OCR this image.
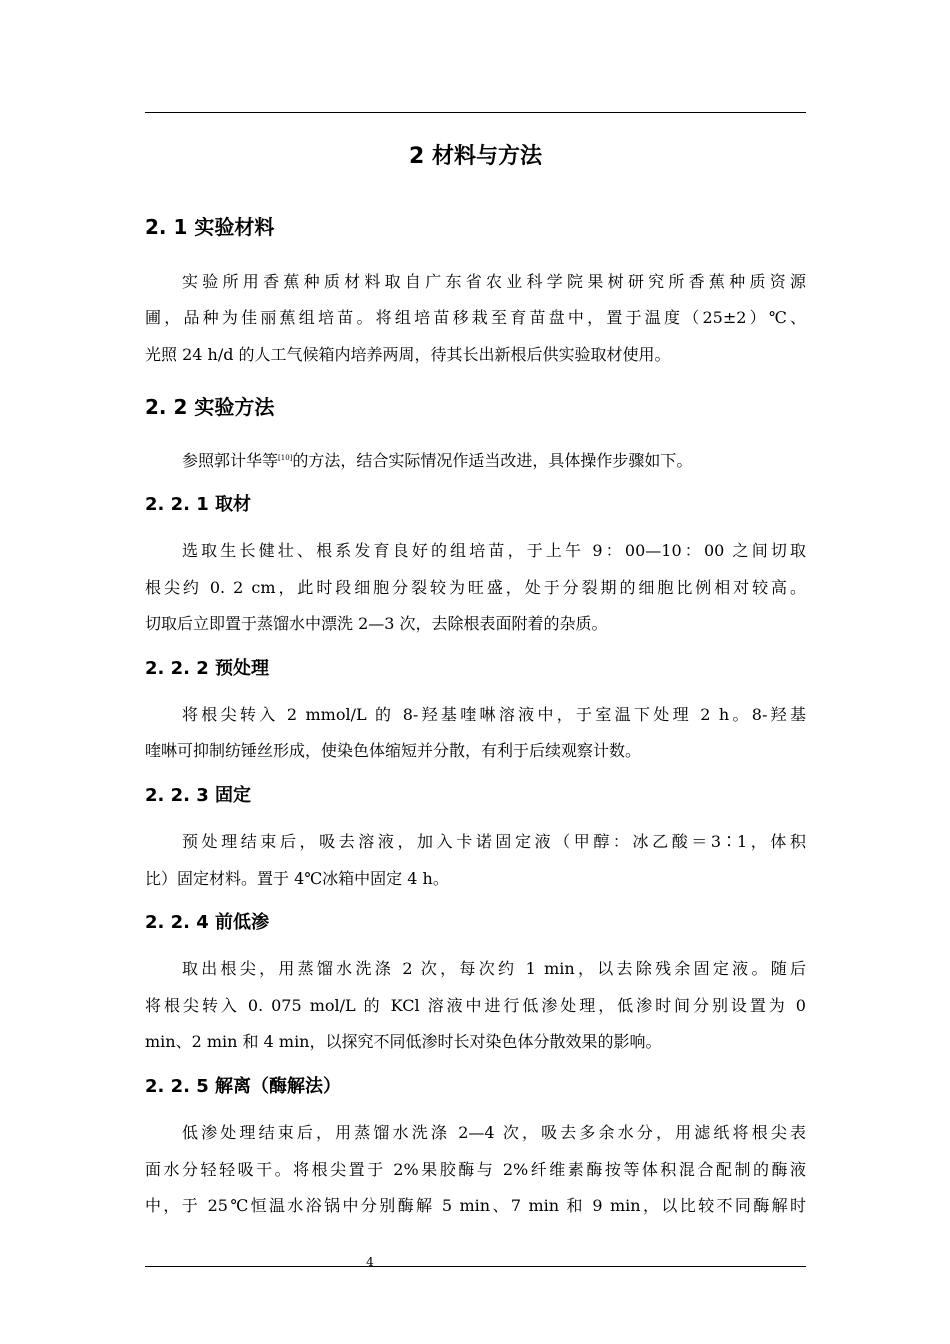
2 材料与方法
2. 1 实验材料
实验所用香蕉种质材料取自广东省农业科学院果树研究所香蕉种质资源
圃，品种为佳丽蕉组培苗。将组培苗移栽至育苗盘中，置于温度（25±2）℃、
光照 24 h/d 的人工气候箱内培养两周，待其长出新根后供实验取材使用。
2. 2 实验方法
参照郭计华等[10]的方法，结合实际情况作适当改进，具体操作步骤如下。
2. 2. 1 取材
选取生长健壮、根系发育良好的组培苗，于上午 9：00—10：00 之间切取
根尖约 0. 2 cm，此时段细胞分裂较为旺盛，处于分裂期的细胞比例相对较高。
切取后立即置于蒸馏水中漂洗 2—3 次，去除根表面附着的杂质。
2. 2. 2 预处理
将根尖转入 2 mmol/L 的 8-羟基喹啉溶液中，于室温下处理 2 h。8-羟基
喹啉可抑制纺锤丝形成，使染色体缩短并分散，有利于后续观察计数。
2. 2. 3 固定
预处理结束后，吸去溶液，加入卡诺固定液（甲醇：冰乙酸＝3∶1，体积
比）固定材料。置于 4℃冰箱中固定 4 h。
2. 2. 4 前低渗
取出根尖，用蒸馏水洗涤 2 次，每次约 1 min，以去除残余固定液。随后
将根尖转入 0. 075 mol/L 的 KCl 溶液中进行低渗处理，低渗时间分别设置为 0
min、2 min 和 4 min，以探究不同低渗时长对染色体分散效果的影响。
2. 2. 5 解离（酶解法）
低渗处理结束后，用蒸馏水洗涤 2—4 次，吸去多余水分，用滤纸将根尖表
面水分轻轻吸干。将根尖置于 2%果胶酶与 2%纤维素酶按等体积混合配制的酶液
中，于 25℃恒温水浴锅中分别酶解 5 min、7 min 和 9 min，以比较不同酶解时
4
